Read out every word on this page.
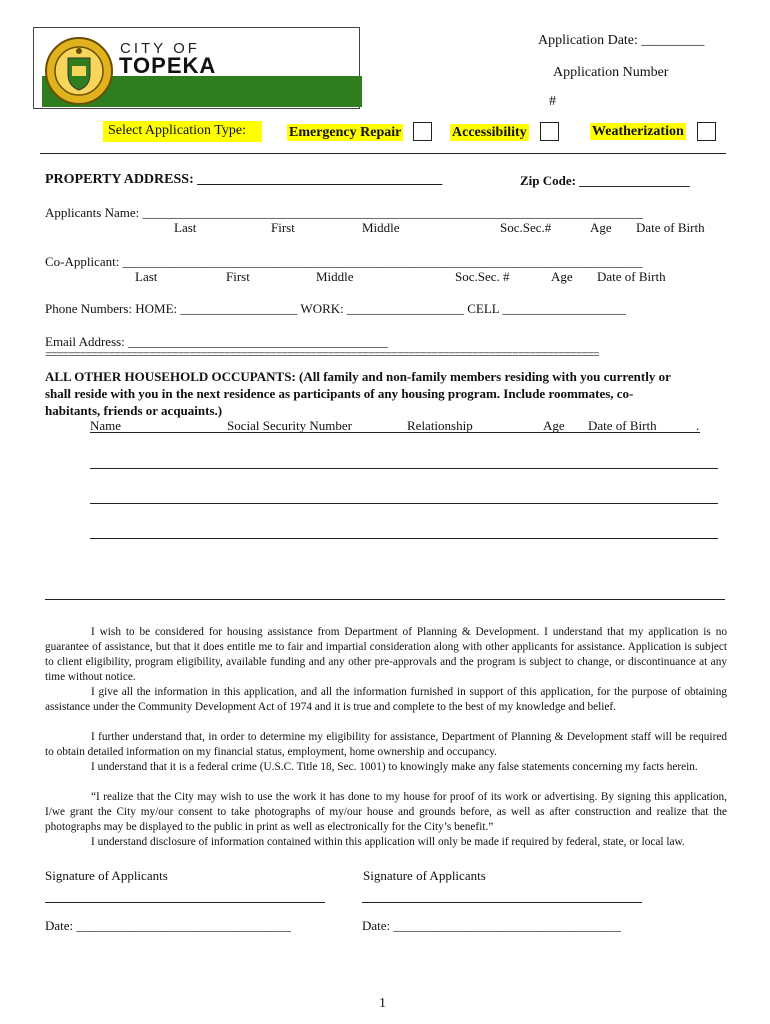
CITY OF
TOPEKA
Application Date: _________
Application Number
#
Select Application Type:	Emergency Repair	Accessibility	Weatherization
PROPERTY ADDRESS: ___________________________________	Zip Code: _________________
Applicants Name: _____________________________________________________________________________
Last	First	Middle	Soc.Sec.#	Age Date of Birth
Co-Applicant: ________________________________________________________________________________
Last	First	Middle	Soc.Sec. #	Age Date of Birth
Phone Numbers: HOME: __________________ WORK: __________________ CELL ___________________
Email Address: ________________________________________
================================================================================================
ALL OTHER HOUSEHOLD OCCUPANTS: (All family and non-family members residing with you currently or
shall reside with you in the next residence as participants of any housing program. Include roommates, co-
habitants, friends or acquaints.)
Name	Social Security Number	Relationship	Age Date of Birth	.
I wish to be considered for housing assistance from Department of Planning & Development. I understand that my application is no guarantee of assistance, but that it does entitle me to fair and impartial consideration along with other applicants for assistance. Application is subject to client eligibility, program eligibility, available funding and any other pre-approvals and the program is subject to change, or discontinuance at any time without notice.
I give all the information in this application, and all the information furnished in support of this application, for the purpose of obtaining assistance under the Community Development Act of 1974 and it is true and complete to the best of my knowledge and belief.
I further understand that, in order to determine my eligibility for assistance, Department of Planning & Development staff will be required to obtain detailed information on my financial status, employment, home ownership and occupancy.
I understand that it is a federal crime (U.S.C. Title 18, Sec. 1001) to knowingly make any false statements concerning my facts herein.
“I realize that the City may wish to use the work it has done to my house for proof of its work or advertising. By signing this application, I/we grant the City my/our consent to take photographs of my/our house and grounds before, as well as after construction and realize that the photographs may be displayed to the public in print as well as electronically for the City’s benefit.”
I understand disclosure of information contained within this application will only be made if required by federal, state, or local law.
Signature of Applicants	Signature of Applicants
Date: _________________________________	Date: ___________________________________
1
